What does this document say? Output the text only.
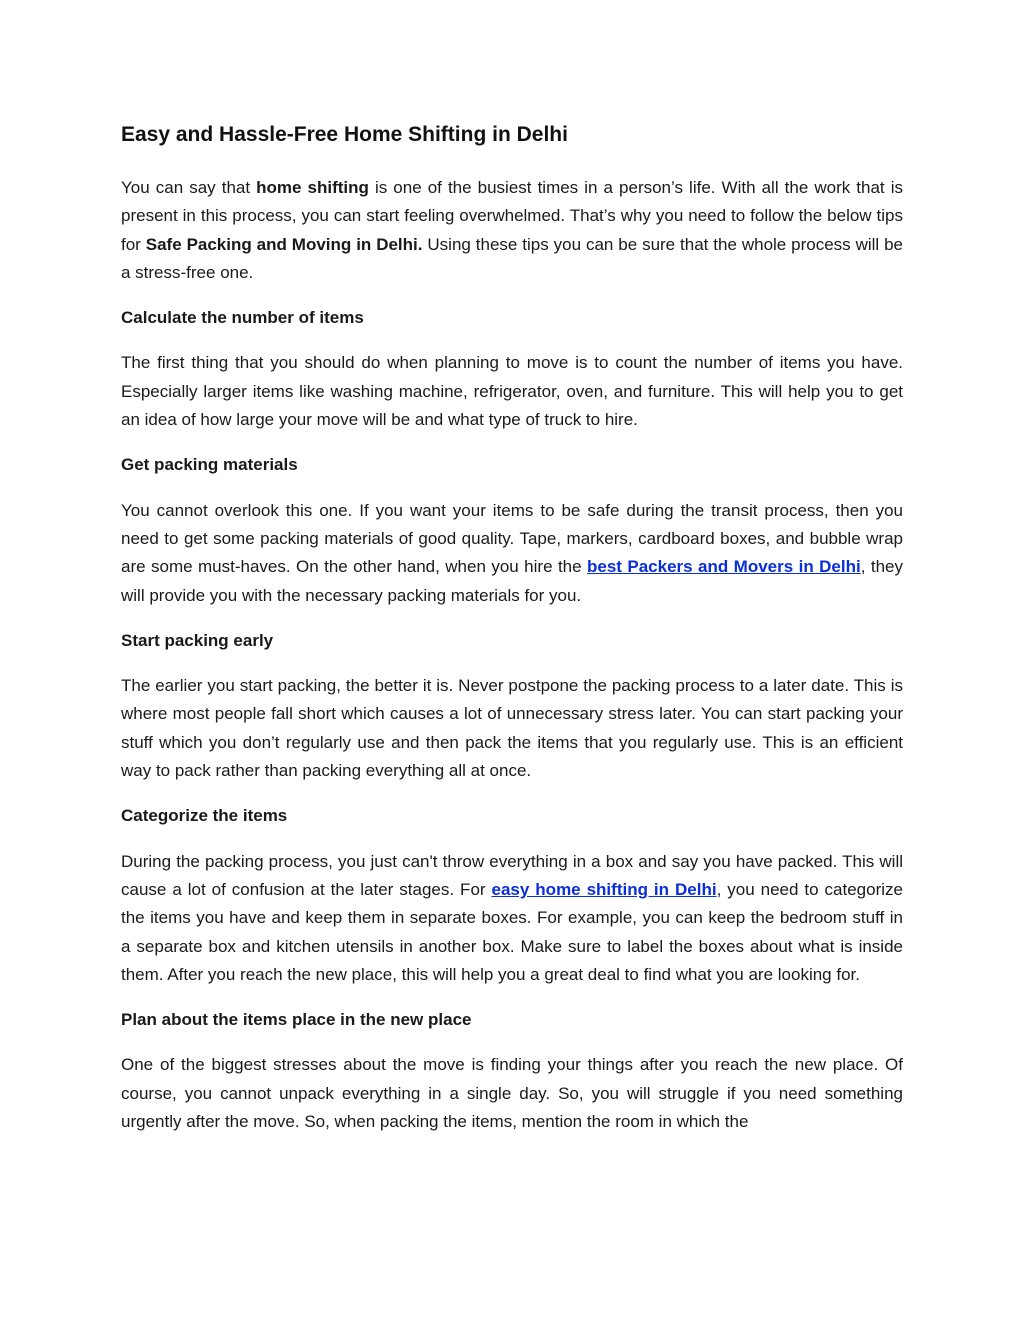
Easy and Hassle-Free Home Shifting in Delhi

You can say that home shifting is one of the busiest times in a person’s life. With all the work that is present in this process, you can start feeling overwhelmed. That’s why you need to follow the below tips for Safe Packing and Moving in Delhi. Using these tips you can be sure that the whole process will be a stress-free one.

Calculate the number of items

The first thing that you should do when planning to move is to count the number of items you have. Especially larger items like washing machine, refrigerator, oven, and furniture. This will help you to get an idea of how large your move will be and what type of truck to hire.

Get packing materials

You cannot overlook this one. If you want your items to be safe during the transit process, then you need to get some packing materials of good quality. Tape, markers, cardboard boxes, and bubble wrap are some must-haves. On the other hand, when you hire the best Packers and Movers in Delhi, they will provide you with the necessary packing materials for you.

Start packing early

The earlier you start packing, the better it is. Never postpone the packing process to a later date. This is where most people fall short which causes a lot of unnecessary stress later. You can start packing your stuff which you don’t regularly use and then pack the items that you regularly use. This is an efficient way to pack rather than packing everything all at once.

Categorize the items

During the packing process, you just can't throw everything in a box and say you have packed. This will cause a lot of confusion at the later stages. For easy home shifting in Delhi, you need to categorize the items you have and keep them in separate boxes. For example, you can keep the bedroom stuff in a separate box and kitchen utensils in another box. Make sure to label the boxes about what is inside them. After you reach the new place, this will help you a great deal to find what you are looking for.

Plan about the items place in the new place

One of the biggest stresses about the move is finding your things after you reach the new place. Of course, you cannot unpack everything in a single day. So, you will struggle if you need something urgently after the move. So, when packing the items, mention the room in which the
